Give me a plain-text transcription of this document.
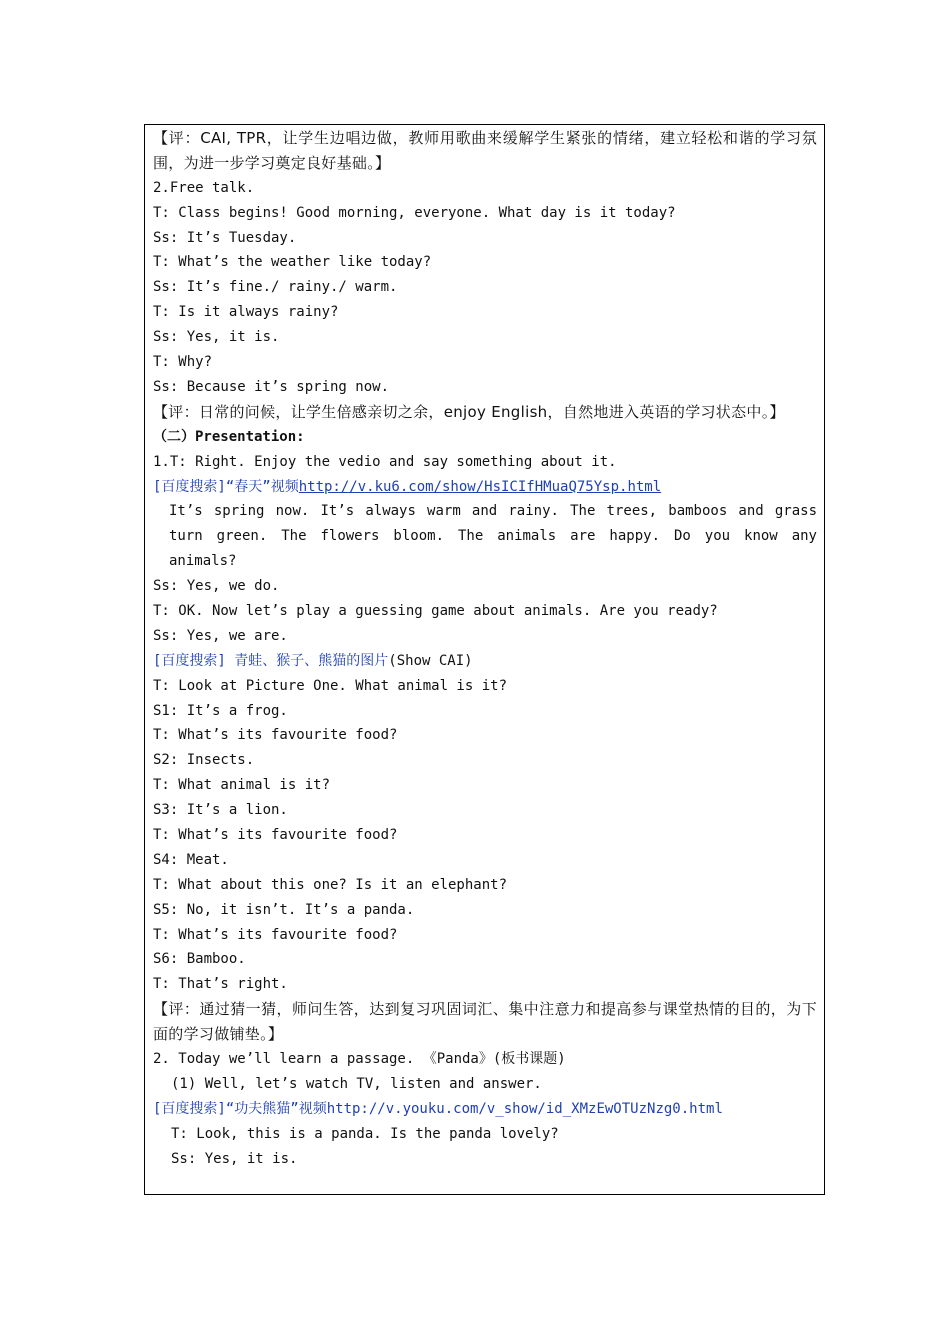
【评：CAI, TPR，让学生边唱边做，教师用歌曲来缓解学生紧张的情绪，建立轻松和谐的学习氛围，为进一步学习奠定良好基础。】
2.Free talk.
T: Class begins! Good morning, everyone. What day is it today?
Ss: It’s Tuesday.
T: What’s the weather like today?
Ss: It’s fine./ rainy./ warm.
T: Is it always rainy?
Ss: Yes, it is.
T: Why?
Ss: Because it’s spring now.
【评：日常的问候，让学生倍感亲切之余，enjoy English，自然地进入英语的学习状态中。】
（二）Presentation:
1.T: Right. Enjoy the vedio and say something about it.
[百度搜索]“春天”视频http://v.ku6.com/show/HsICIfHMuaQ75Ysp.html
It’s spring now. It’s always warm and rainy. The trees, bamboos and grass turn green. The flowers bloom. The animals are happy. Do you know any animals?
Ss: Yes, we do.
T: OK. Now let’s play a guessing game about animals. Are you ready?
Ss: Yes, we are.
[百度搜索] 青蛙、猴子、熊猫的图片(Show CAI)
T: Look at Picture One. What animal is it?
S1: It’s a frog.
T: What’s its favourite food?
S2: Insects.
T: What animal is it?
S3: It’s a lion.
T: What’s its favourite food?
S4: Meat.
T: What about this one? Is it an elephant?
S5: No, it isn’t. It’s a panda.
T: What’s its favourite food?
S6: Bamboo.
T: That’s right.
【评：通过猜一猜，师问生答，达到复习巩固词汇、集中注意力和提高参与课堂热情的目的，为下面的学习做铺垫。】
2. Today we’ll learn a passage. 《Panda》(板书课题)
(1) Well, let’s watch TV, listen and answer.
[百度搜索]“功夫熊猫”视频http://v.youku.com/v_show/id_XMzEwOTUzNzg0.html
T: Look, this is a panda. Is the panda lovely?
Ss: Yes, it is.
